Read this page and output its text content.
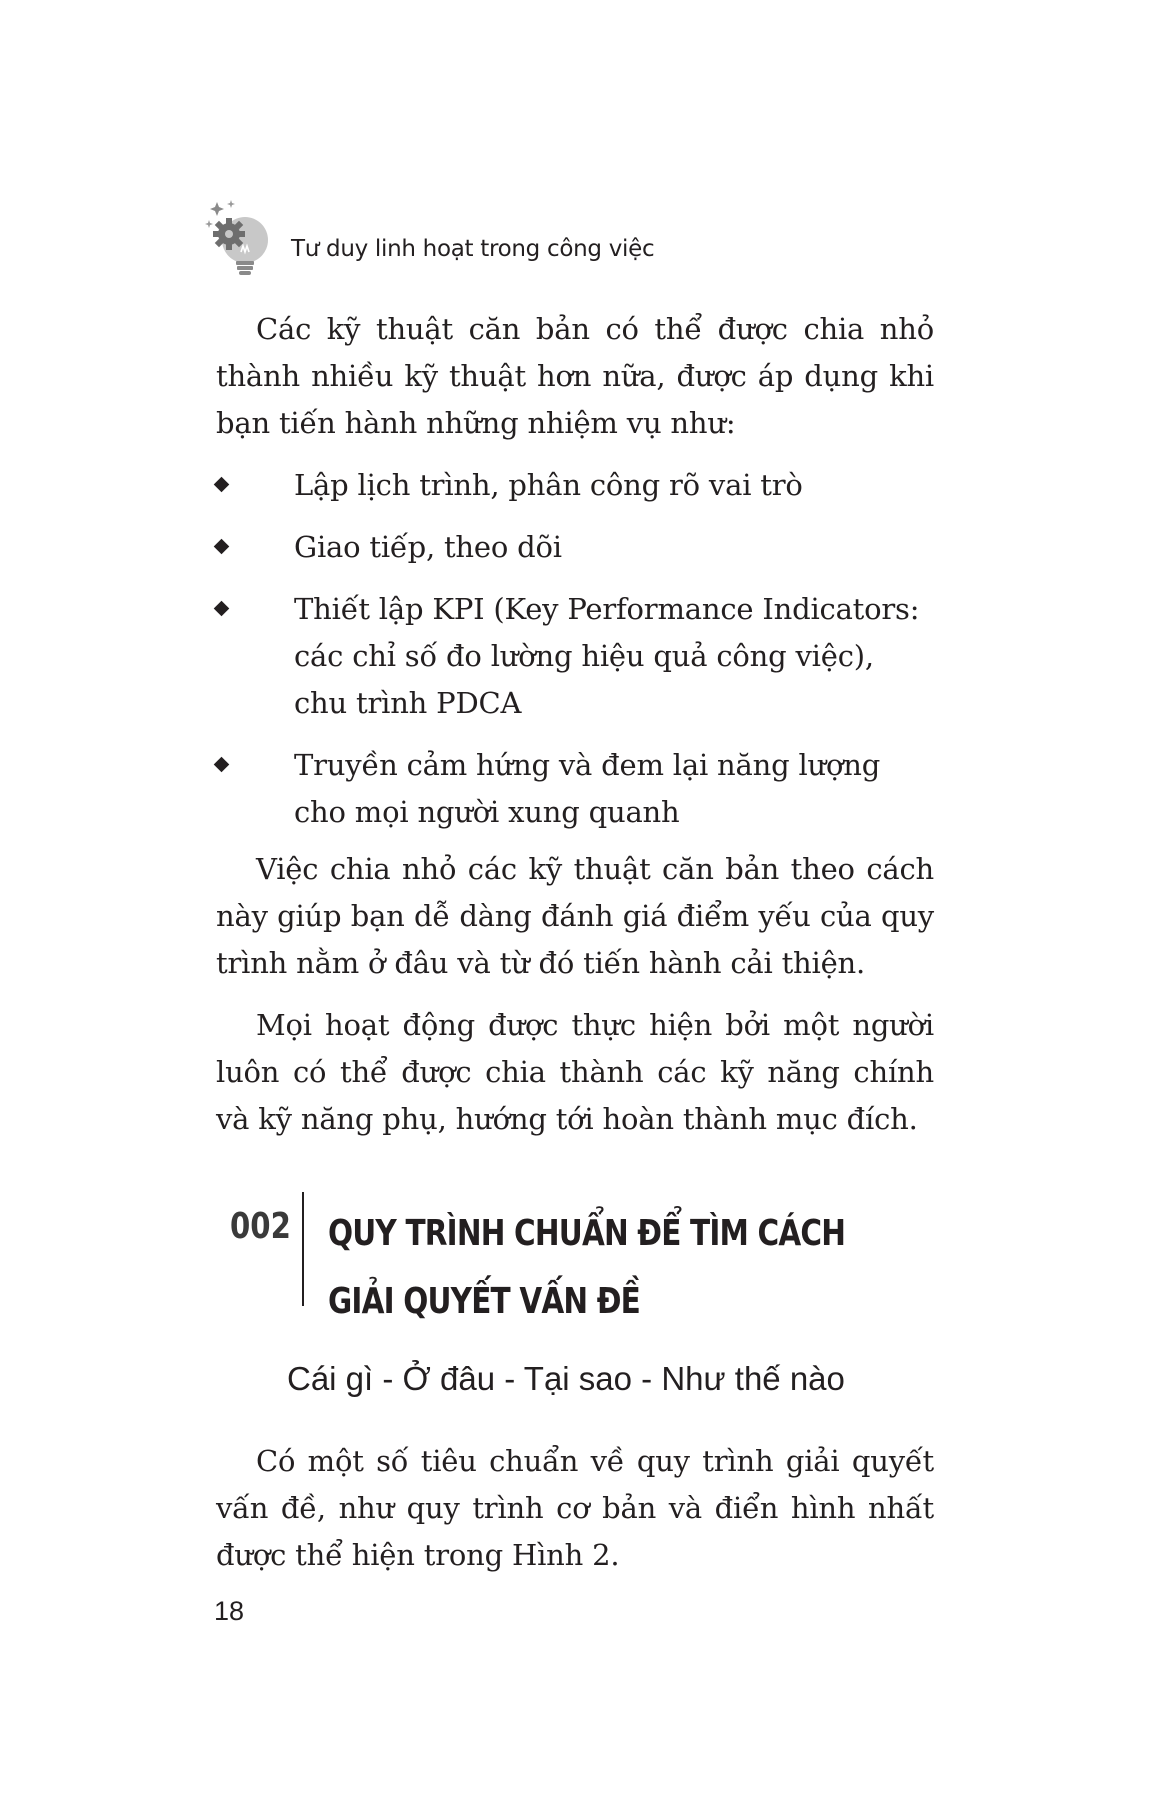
Tư duy linh hoạt trong công việc

Các kỹ thuật căn bản có thể được chia nhỏ thành nhiều kỹ thuật hơn nữa, được áp dụng khi bạn tiến hành những nhiệm vụ như:

Lập lịch trình, phân công rõ vai trò
Giao tiếp, theo dõi
Thiết lập KPI (Key Performance Indicators: các chỉ số đo lường hiệu quả công việc), chu trình PDCA
Truyền cảm hứng và đem lại năng lượng cho mọi người xung quanh

Việc chia nhỏ các kỹ thuật căn bản theo cách này giúp bạn dễ dàng đánh giá điểm yếu của quy trình nằm ở đâu và từ đó tiến hành cải thiện.

Mọi hoạt động được thực hiện bởi một người luôn có thể được chia thành các kỹ năng chính và kỹ năng phụ, hướng tới hoàn thành mục đích.

002 QUY TRÌNH CHUẨN ĐỂ TÌM CÁCH
GIẢI QUYẾT VẤN ĐỀ
Cái gì - Ở đâu - Tại sao - Như thế nào

Có một số tiêu chuẩn về quy trình giải quyết vấn đề, như quy trình cơ bản và điển hình nhất được thể hiện trong Hình 2.

18
